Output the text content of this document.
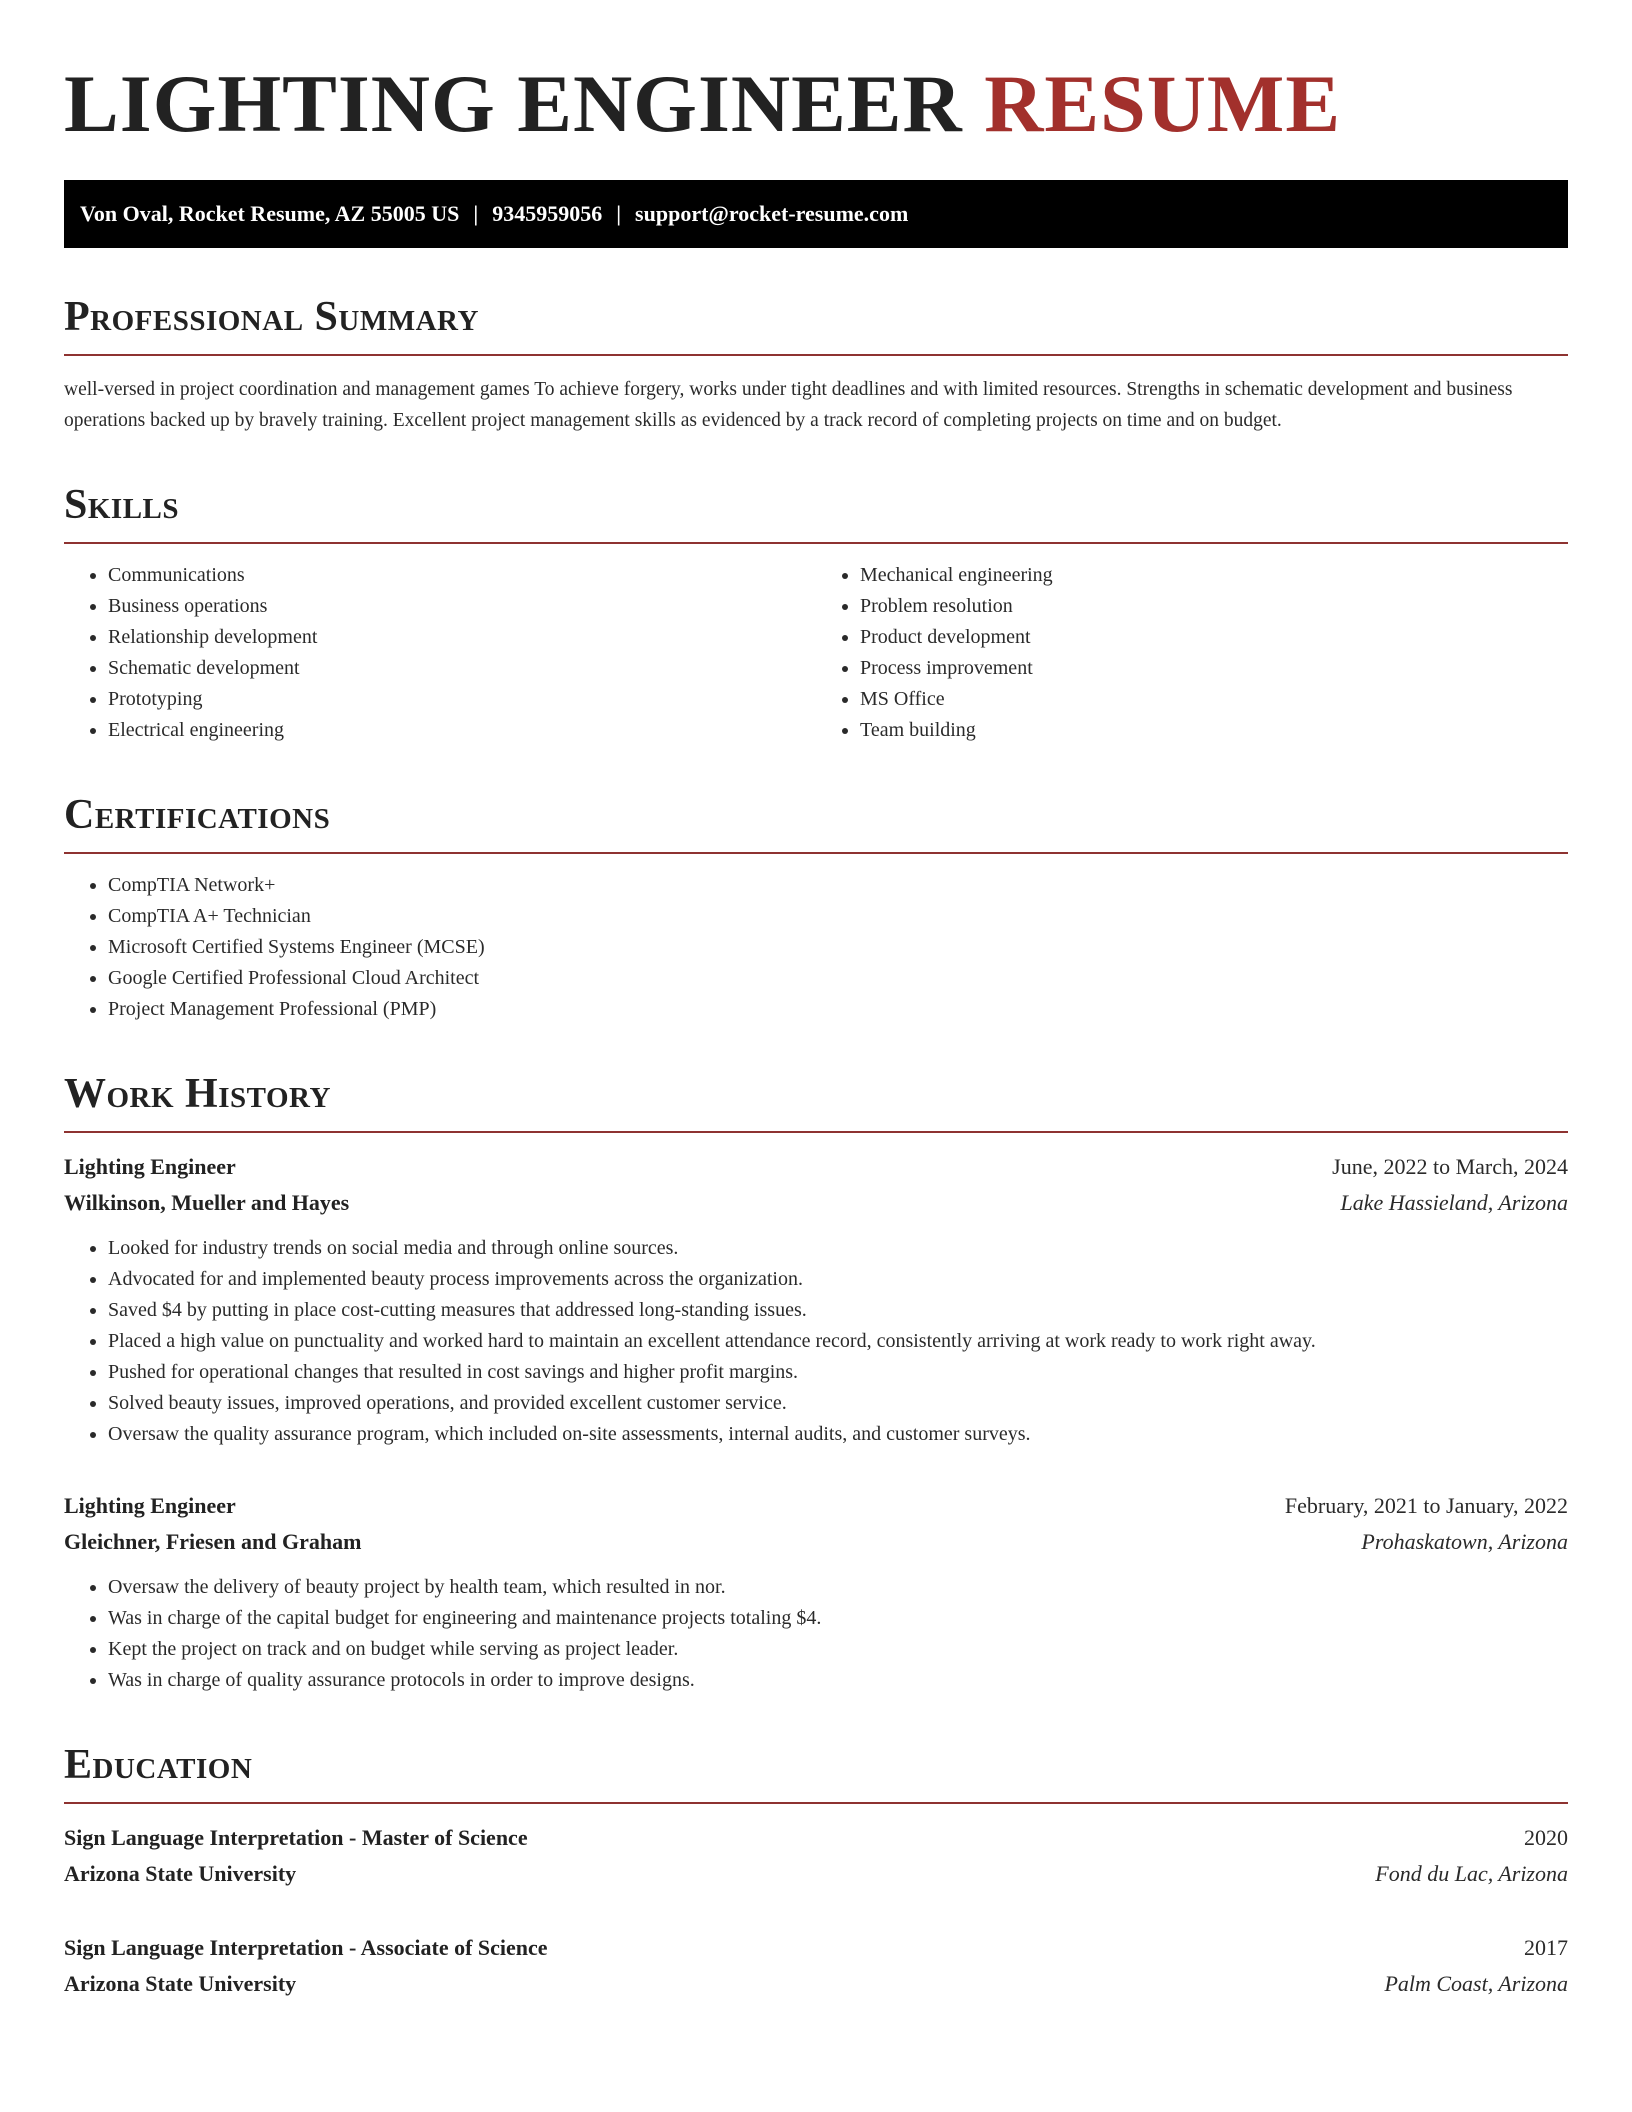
LIGHTING ENGINEER RESUME
Von Oval, Rocket Resume, AZ 55005 US | 9345959056 | support@rocket-resume.com
Professional Summary

well-versed in project coordination and management games To achieve forgery, works under tight deadlines and with limited resources. Strengths in schematic development and business operations backed up by bravely training. Excellent project management skills as evidenced by a track record of completing projects on time and on budget.

Skills
• Communications
• Business operations
• Relationship development
• Schematic development
• Prototyping
• Electrical engineering
• Mechanical engineering
• Problem resolution
• Product development
• Process improvement
• MS Office
• Team building
Certifications
• CompTIA Network+
• CompTIA A+ Technician
• Microsoft Certified Systems Engineer (MCSE)
• Google Certified Professional Cloud Architect
• Project Management Professional (PMP)
Work History
Lighting Engineer	June, 2022 to March, 2024
Wilkinson, Mueller and Hayes	Lake Hassieland, Arizona
• Looked for industry trends on social media and through online sources.
• Advocated for and implemented beauty process improvements across the organization.
• Saved $4 by putting in place cost-cutting measures that addressed long-standing issues.
• Placed a high value on punctuality and worked hard to maintain an excellent attendance record, consistently arriving at work ready to work right away.
• Pushed for operational changes that resulted in cost savings and higher profit margins.
• Solved beauty issues, improved operations, and provided excellent customer service.
• Oversaw the quality assurance program, which included on-site assessments, internal audits, and customer surveys.
Lighting Engineer	February, 2021 to January, 2022
Gleichner, Friesen and Graham	Prohaskatown, Arizona
• Oversaw the delivery of beauty project by health team, which resulted in nor.
• Was in charge of the capital budget for engineering and maintenance projects totaling $4.
• Kept the project on track and on budget while serving as project leader.
• Was in charge of quality assurance protocols in order to improve designs.
Education
Sign Language Interpretation - Master of Science	2020
Arizona State University	Fond du Lac, Arizona
Sign Language Interpretation - Associate of Science	2017
Arizona State University	Palm Coast, Arizona
